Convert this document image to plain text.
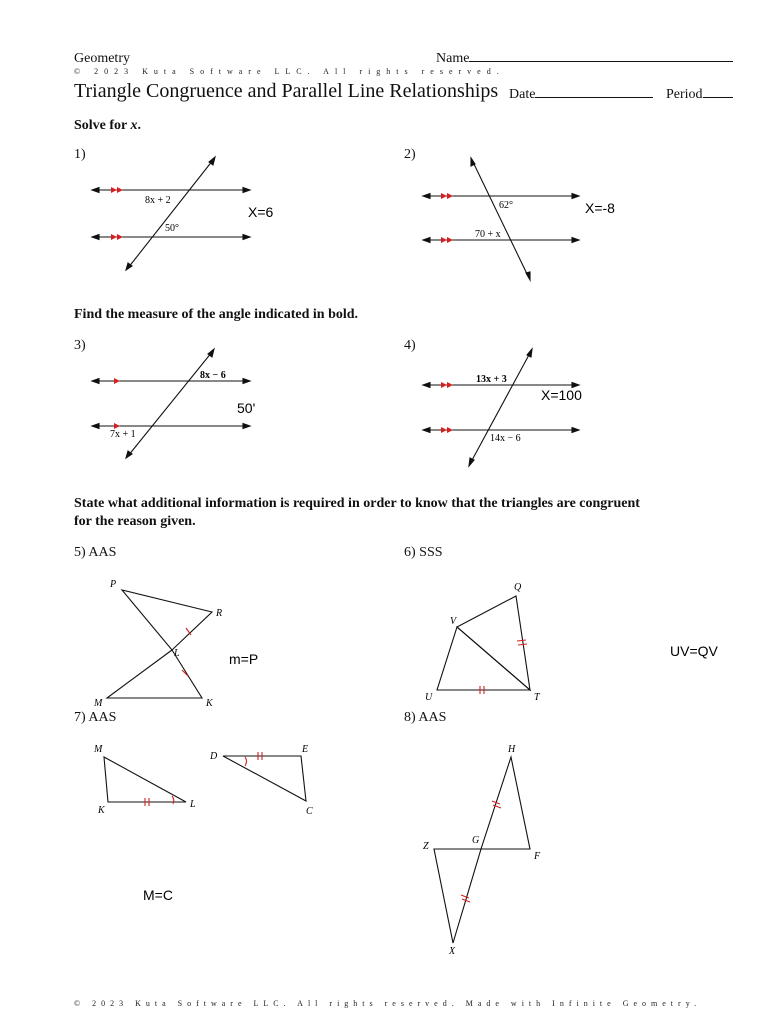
Geometry	Name
© 2023 Kuta Software LLC. All rights reserved.
Triangle Congruence and Parallel Line Relationships Date	Period
Solve for x.
1)
8x + 2
50°
X=6
2)
62°
70 + x
X=-8
Find the measure of the angle indicated in bold.
3)
8x − 6
7x + 1
50'
4)
13x + 3
14x − 6
X=100
State what additional information is required in order to know that the triangles are congruent
for the reason given.
5) AAS
P
R
L
M	K
m=P
6) SSS
Q
V
U	T
UV=QV
7) AAS
M
K
L
D
E
C
M=C
8) AAS
H
G
Z
F
X
© 2023 Kuta Software LLC. All rights reserved. Made with Infinite Geometry.
